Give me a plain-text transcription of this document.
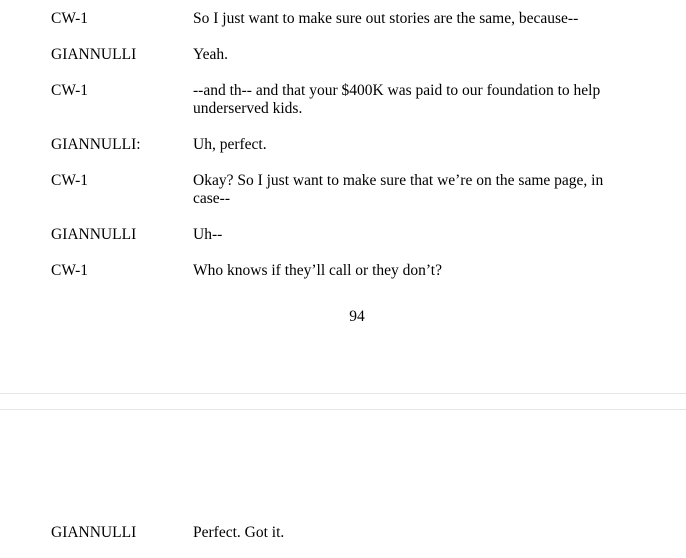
CW-1	So I just want to make sure out stories are the same, because--
GIANNULLI	Yeah.
CW-1	--and th-- and that your $400K was paid to our foundation to help underserved kids.
GIANNULLI:	Uh, perfect.
CW-1	Okay? So I just want to make sure that we’re on the same page, in case--
GIANNULLI	Uh--
CW-1	Who knows if they’ll call or they don’t?
94
GIANNULLI	Perfect. Got it.
